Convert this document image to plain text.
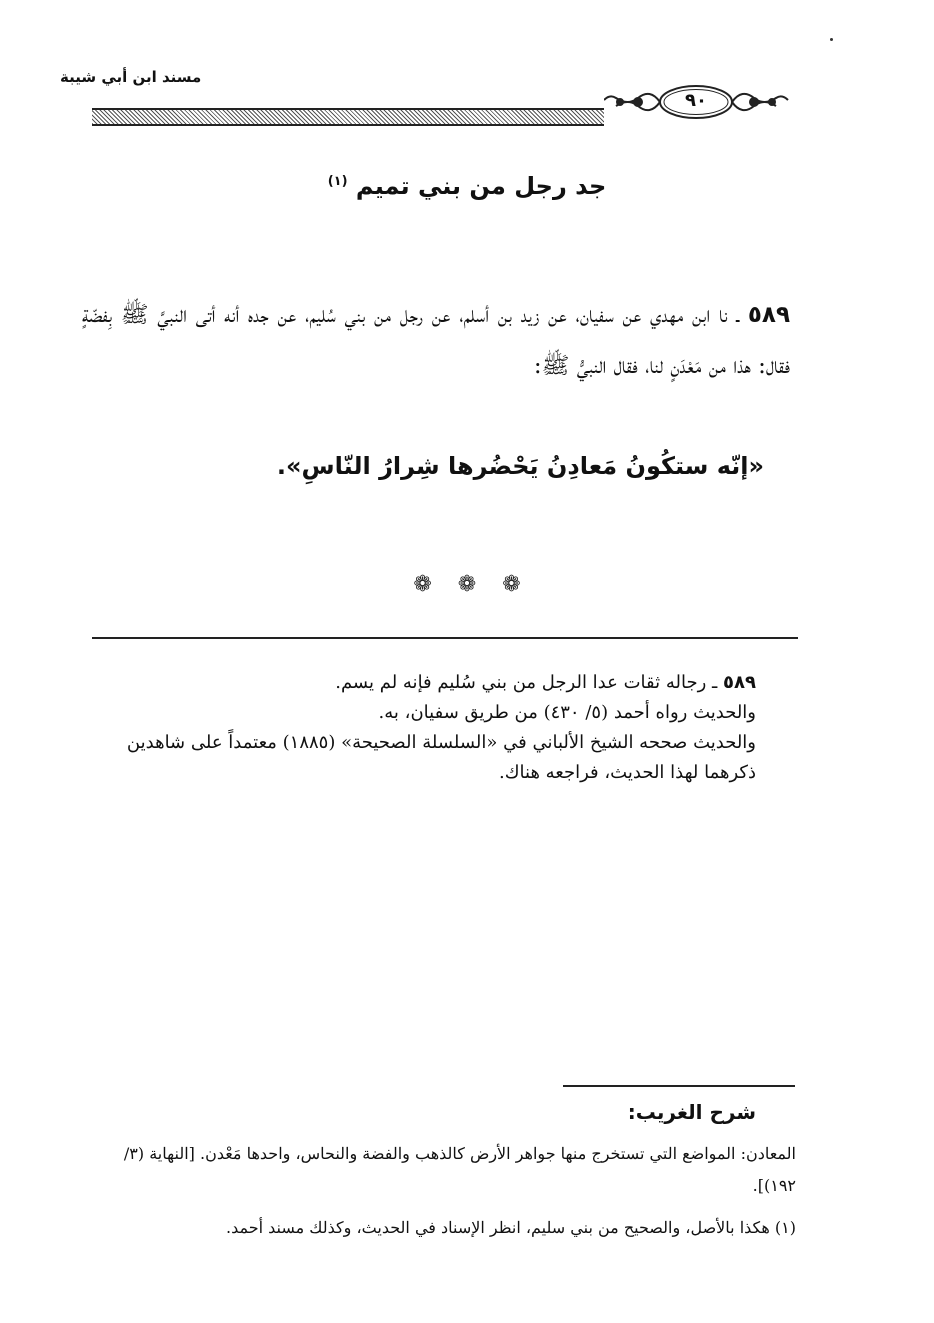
مسند ابن أبي شيبة
٩٠
جد رجل من بني تميم $^{(١)}$
٥٨٩ ـ نا ابن مهدي عن سفيان، عن زيد بن أسلم، عن رجل من بني سُليم، عن جده أنه أتى النبيَّ ﷺ بِفضّةٍ فقال: هذا من مَعْدَنٍ لنا، فقال النبيُّ ﷺ:
«إنّه ستكُونُ مَعادِنُ يَحْضُرها شِرارُ النّاسِ».
❁ ❁ ❁

٥٨٩ ـ رجاله ثقات عدا الرجل من بني سُليم فإنه لم يسم.

والحديث رواه أحمد (٥/ ٤٣٠) من طريق سفيان، به.

والحديث صححه الشيخ الألباني في «السلسلة الصحيحة» (١٨٨٥) معتمداً على شاهدين ذكرهما لهذا الحديث، فراجعه هناك.

شرح الغريب:

المعادن: المواضع التي تستخرج منها جواهر الأرض كالذهب والفضة والنحاس، واحدها مَعْدن. [النهاية (٣/ ١٩٢)].

(١) هكذا بالأصل، والصحيح من بني سليم، انظر الإسناد في الحديث، وكذلك مسند أحمد.
